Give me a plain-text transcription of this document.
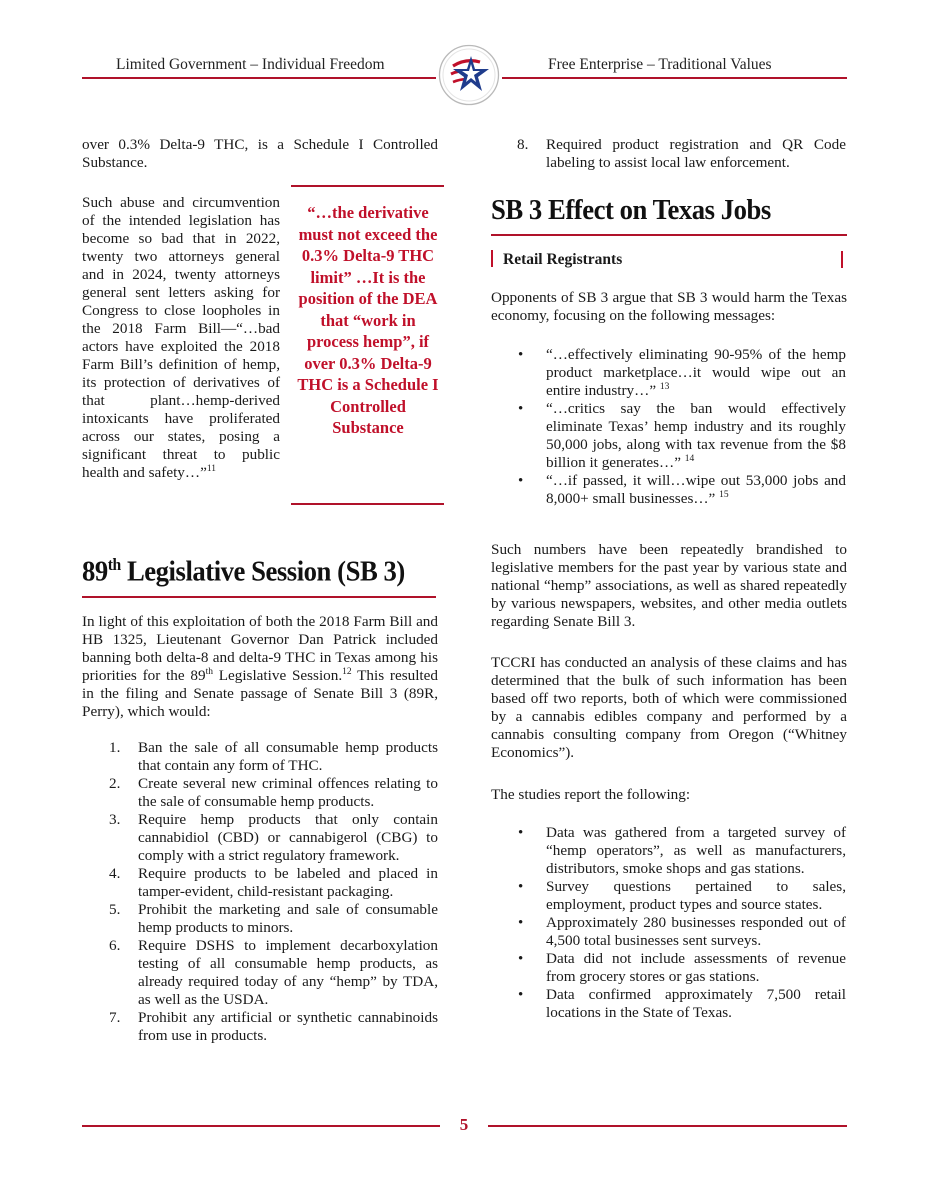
Limited Government – Individual Freedom	Free Enterprise – Traditional Values

over 0.3% Delta-9 THC, is a Schedule I Controlled Substance.

Such abuse and circumvention of the intended legislation has become so bad that in 2022, twenty two attorneys general and in 2024, twenty attorneys general sent letters asking for Congress to close loopholes in the 2018 Farm Bill—“…bad actors have exploited the 2018 Farm Bill’s definition of hemp, its protection of derivatives of that plant…hemp-derived intoxicants have proliferated across our states, posing a significant threat to public health and safety…”$^{11}$

“…the derivative must not exceed the 0.3% Delta-9 THC limit” …It is the position of the DEA that “work in process hemp”, if over 0.3% Delta-9 THC is a Schedule I Controlled Substance

89th Legislative Session (SB 3)

In light of this exploitation of both the 2018 Farm Bill and HB 1325, Lieutenant Governor Dan Patrick included banning both delta-8 and delta-9 THC in Texas among his priorities for the 89th Legislative Session.$^{12}$ This resulted in the filing and Senate passage of Senate Bill 3 (89R, Perry), which would:

1. Ban the sale of all consumable hemp products that contain any form of THC.
2. Create several new criminal offences relating to the sale of consumable hemp products.
3. Require hemp products that only contain cannabidiol (CBD) or cannabigerol (CBG) to comply with a strict regulatory framework.
4. Require products to be labeled and placed in tamper-evident, child-resistant packaging.
5. Prohibit the marketing and sale of consumable hemp products to minors.
6. Require DSHS to implement decarboxylation testing of all consumable hemp products, as already required today of any “hemp” by TDA, as well as the USDA.
7. Prohibit any artificial or synthetic cannabinoids from use in products.
8. Required product registration and QR Code labeling to assist local law enforcement.
SB 3 Effect on Texas Jobs
Retail Registrants

Opponents of SB 3 argue that SB 3 would harm the Texas economy, focusing on the following messages:

• “…effectively eliminating 90-95% of the hemp product marketplace…it would wipe out an entire industry…” $^{13}$
• “…critics say the ban would effectively eliminate Texas’ hemp industry and its roughly 50,000 jobs, along with tax revenue from the $8 billion it generates…” $^{14}$
• “…if passed, it will…wipe out 53,000 jobs and 8,000+ small businesses…” $^{15}$

Such numbers have been repeatedly brandished to legislative members for the past year by various state and national “hemp” associations, as well as shared repeatedly by various newspapers, websites, and other media outlets regarding Senate Bill 3.

TCCRI has conducted an analysis of these claims and has determined that the bulk of such information has been based off two reports, both of which were commissioned by a cannabis edibles company and performed by a cannabis consulting company from Oregon (“Whitney Economics”).

The studies report the following:

• Data was gathered from a targeted survey of “hemp operators”, as well as manufacturers, distributors, smoke shops and gas stations.
• Survey questions pertained to sales, employment, product types and source states.
• Approximately 280 businesses responded out of 4,500 total businesses sent surveys.
• Data did not include assessments of revenue from grocery stores or gas stations.
• Data confirmed approximately 7,500 retail locations in the State of Texas.
5
